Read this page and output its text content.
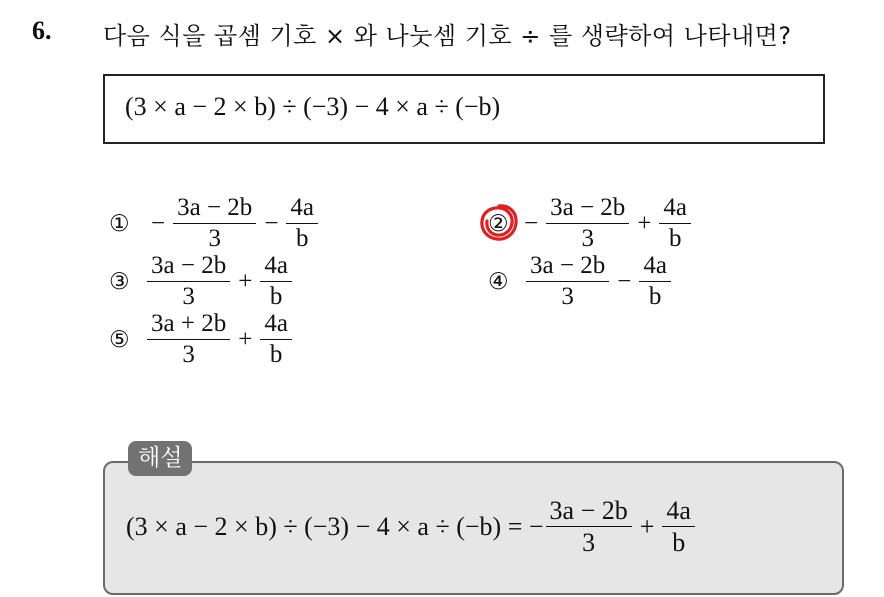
6. 다음 식을 곱셈 기호 × 와 나눗셈 기호 ÷ 를 생략하여 나타내면?
(3 × a − 2 × b) ÷ (−3) − 4 × a ÷ (−b)
① − $\frac{3a - 2b}{3} - \frac{4a}{b}$	② − $\frac{3a - 2b}{3} + \frac{4a}{b}$
③ $\frac{3a - 2b}{3} + \frac{4a}{b}$	④ $\frac{3a - 2b}{3} - \frac{4a}{b}$
⑤ $\frac{3a + 2b}{3} + \frac{4a}{b}$
해설
(3 × a − 2 × b) ÷ (−3) − 4 × a ÷ (−b) = − $\frac{3a - 2b}{3} + \frac{4a}{b}$
